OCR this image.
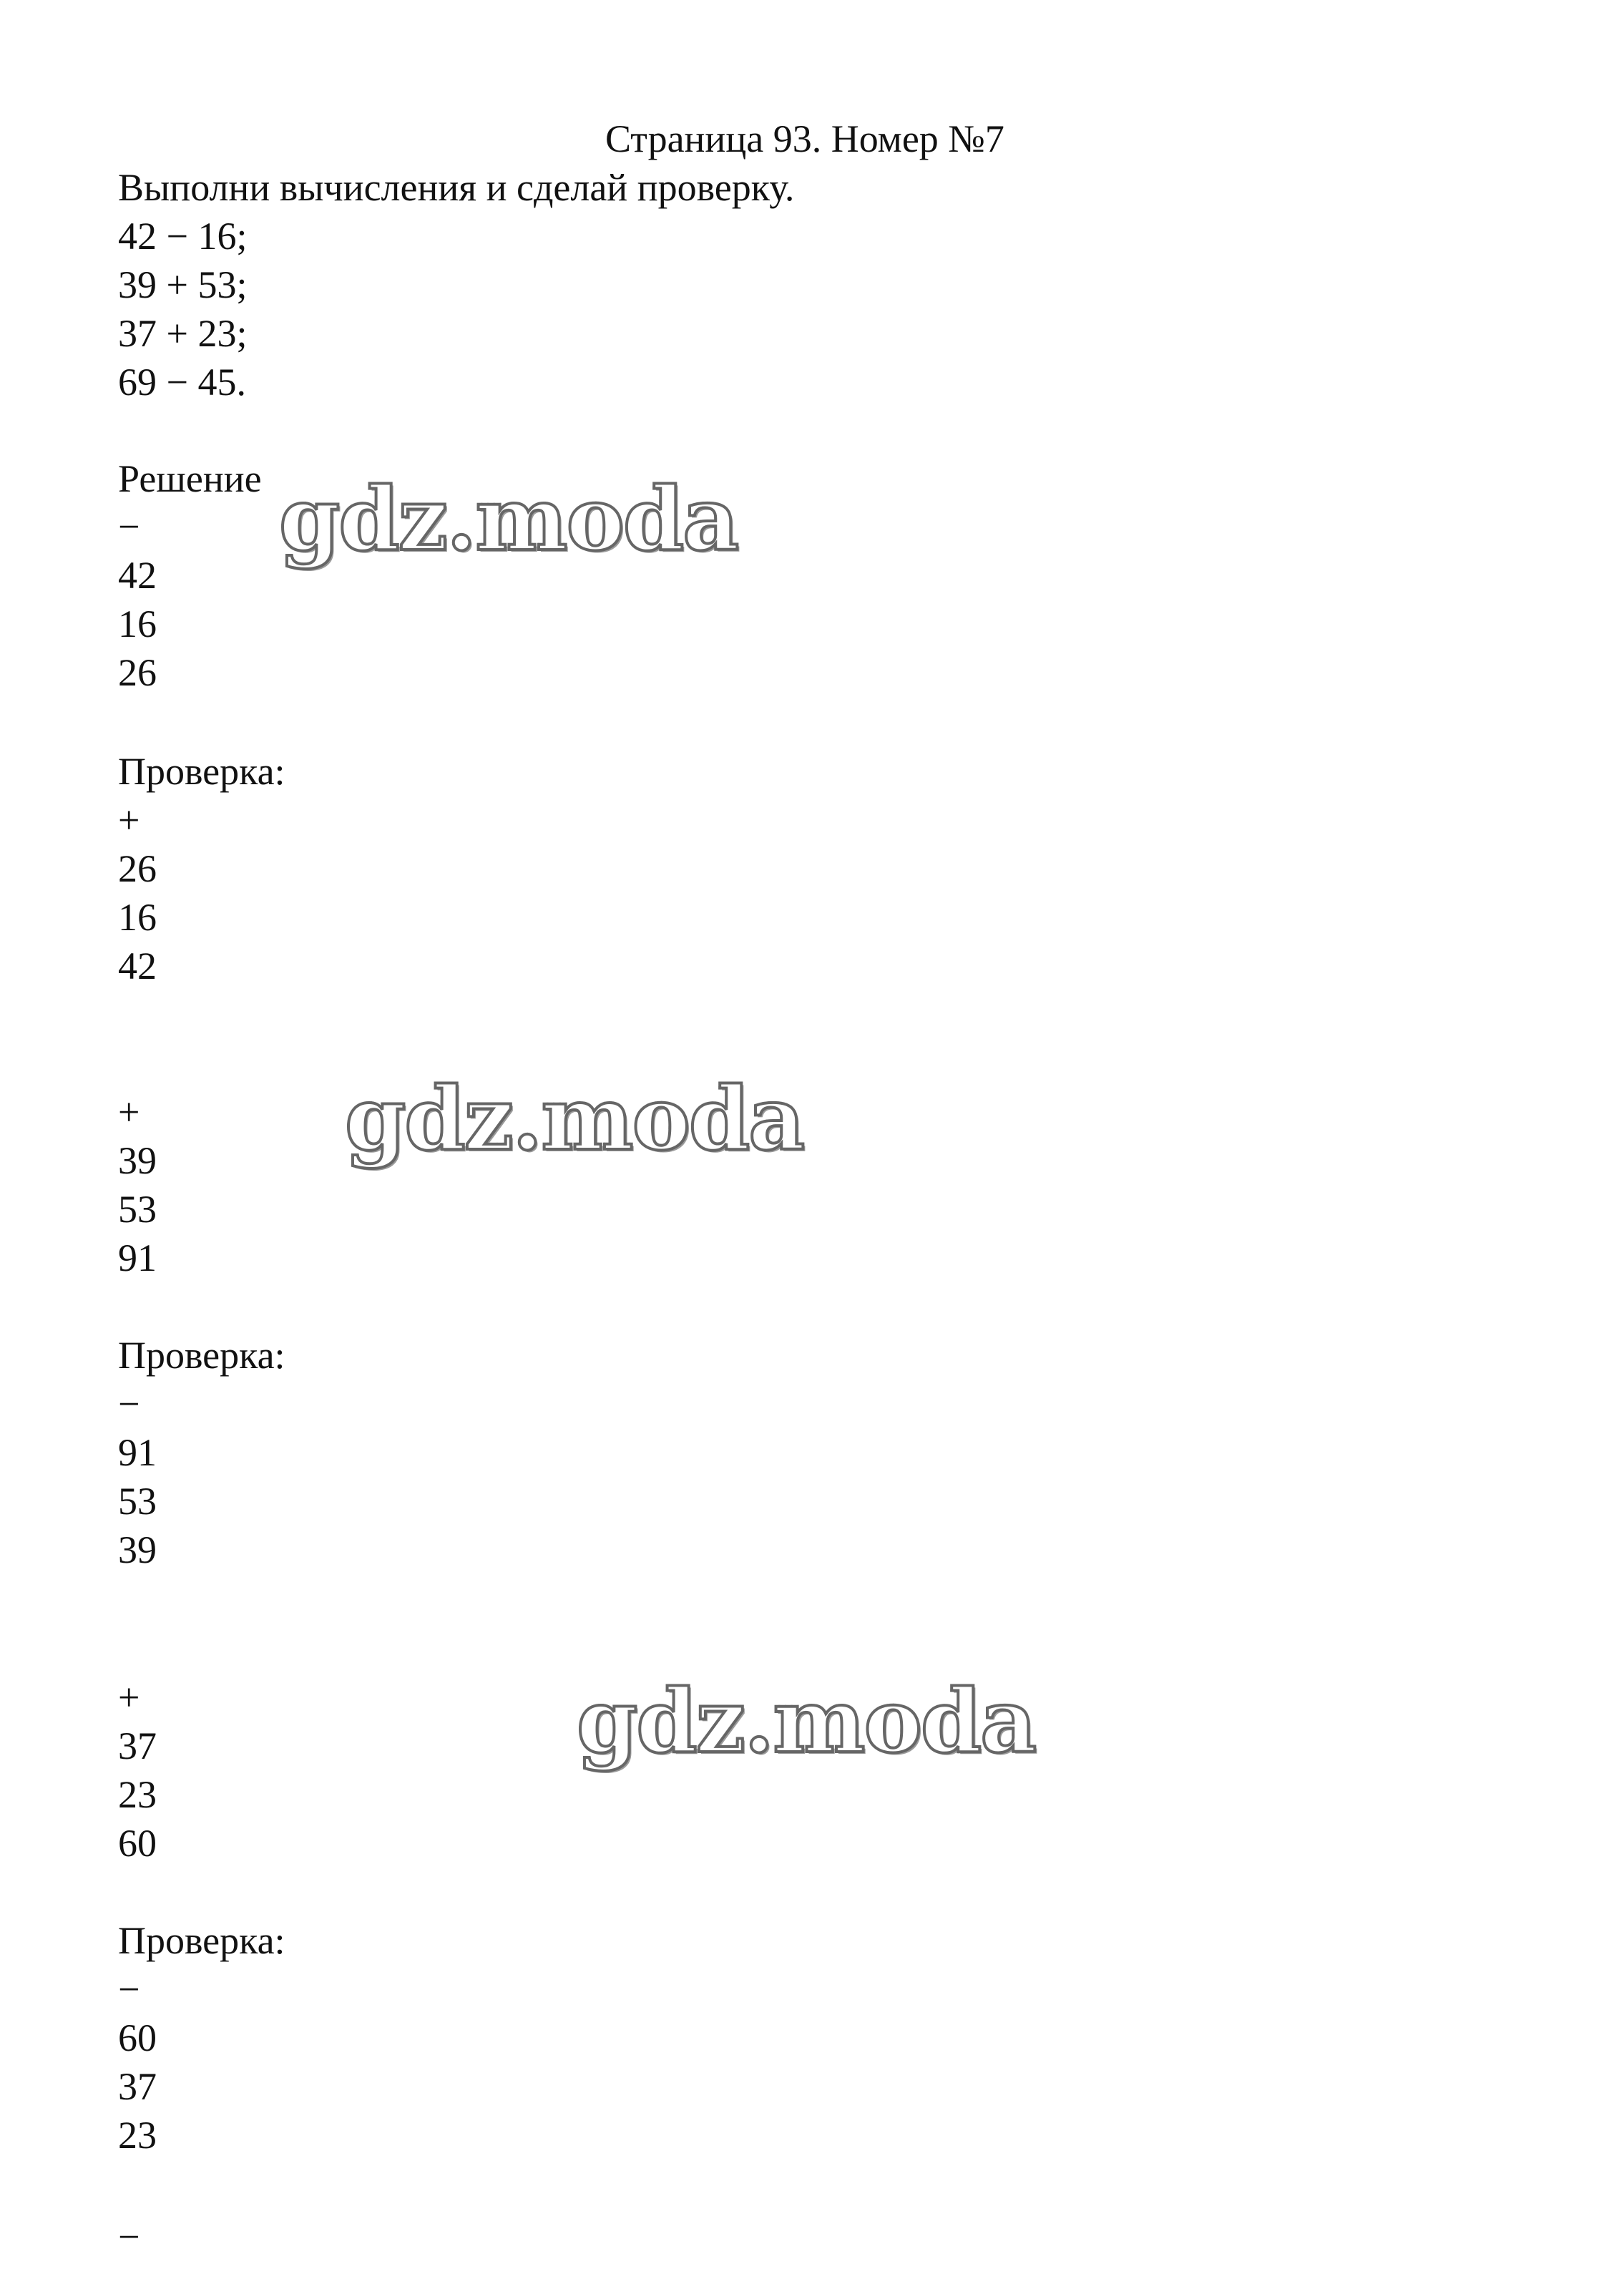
Страница 93. Номер №7
Выполни вычисления и сделай проверку.
42 − 16;
39 + 53;
37 + 23;
69 − 45.
Решение
−
42
16
26
Проверка:
+
26
16
42
+
39
53
91
Проверка:
−
91
53
39
+
37
23
60
Проверка:
−
60
37
23
−
gdz.moda
gdz.moda
gdz.moda
